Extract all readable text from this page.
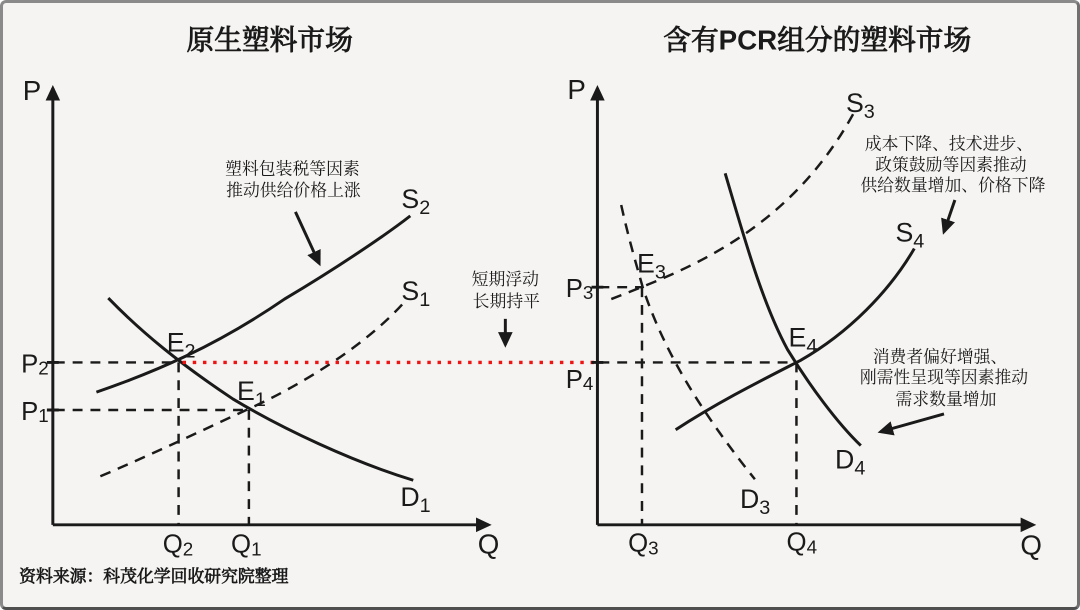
原生塑料市场
P
Q
$S_2$
$S_1$
$D_1$
$E_2$
$E_1$
P2
P1
Q2 Q1
塑料包装税等因素
推动供给价格上涨
短期浮动
长期持平
含有PCR组分的塑料市场
P
Q
$S_3$
$S_4$
$D_3$
$D_4$
$E_3$
$E_4$
P3
P4
Q3	Q4
成本下降、技术进步、
政策鼓励等因素推动
供给数量增加、价格下降
消费者偏好增强、
刚需性呈现等因素推动
需求数量增加
资料来源：科茂化学回收研究院整理
